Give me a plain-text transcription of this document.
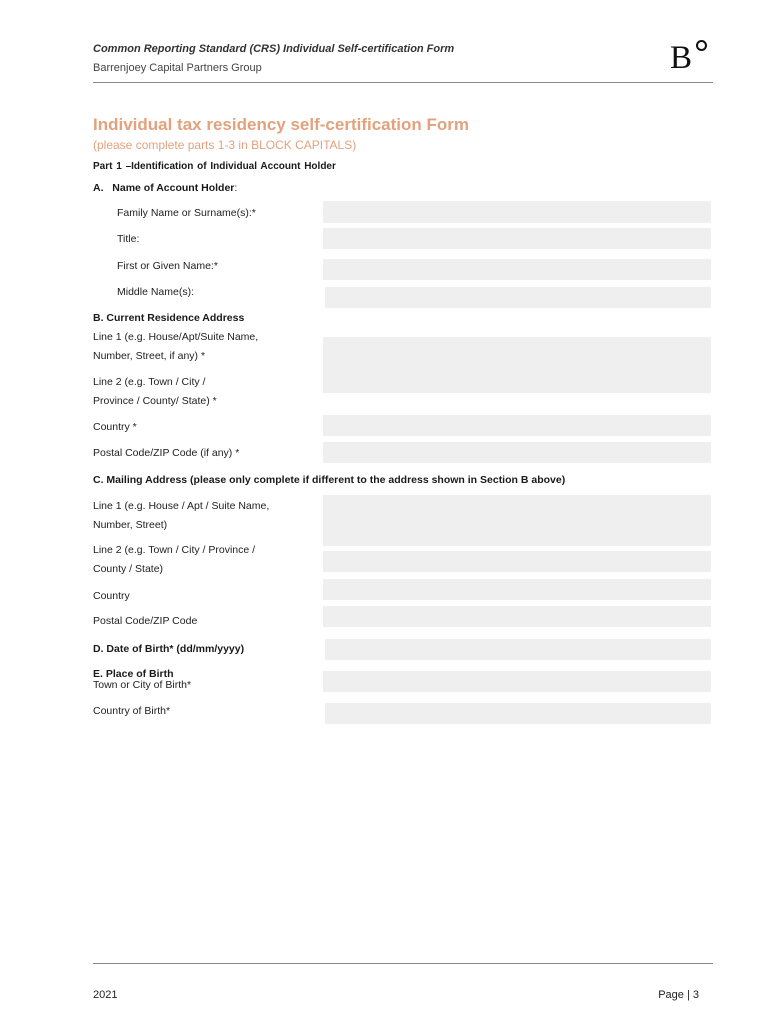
Common Reporting Standard (CRS) Individual Self-certification Form
Barrenjoey Capital Partners Group	B
Individual tax residency self-certification Form
(please complete parts 1-3 in BLOCK CAPITALS)
Part 1 –Identification of Individual Account Holder
A. Name of Account Holder:
Family Name or Surname(s):*
Title:
First or Given Name:*
Middle Name(s):
B. Current Residence Address
Line 1 (e.g. House/Apt/Suite Name,
Number, Street, if any) *
Line 2 (e.g. Town / City /
Province / County/ State) *
Country *
Postal Code/ZIP Code (if any) *
C. Mailing Address (please only complete if different to the address shown in Section B above)
Line 1 (e.g. House / Apt / Suite Name,
Number, Street)
Line 2 (e.g. Town / City / Province /
County / State)
Country
Postal Code/ZIP Code
D. Date of Birth* (dd/mm/yyyy)
E. Place of Birth
Town or City of Birth*
Country of Birth*
2021	Page | 3
